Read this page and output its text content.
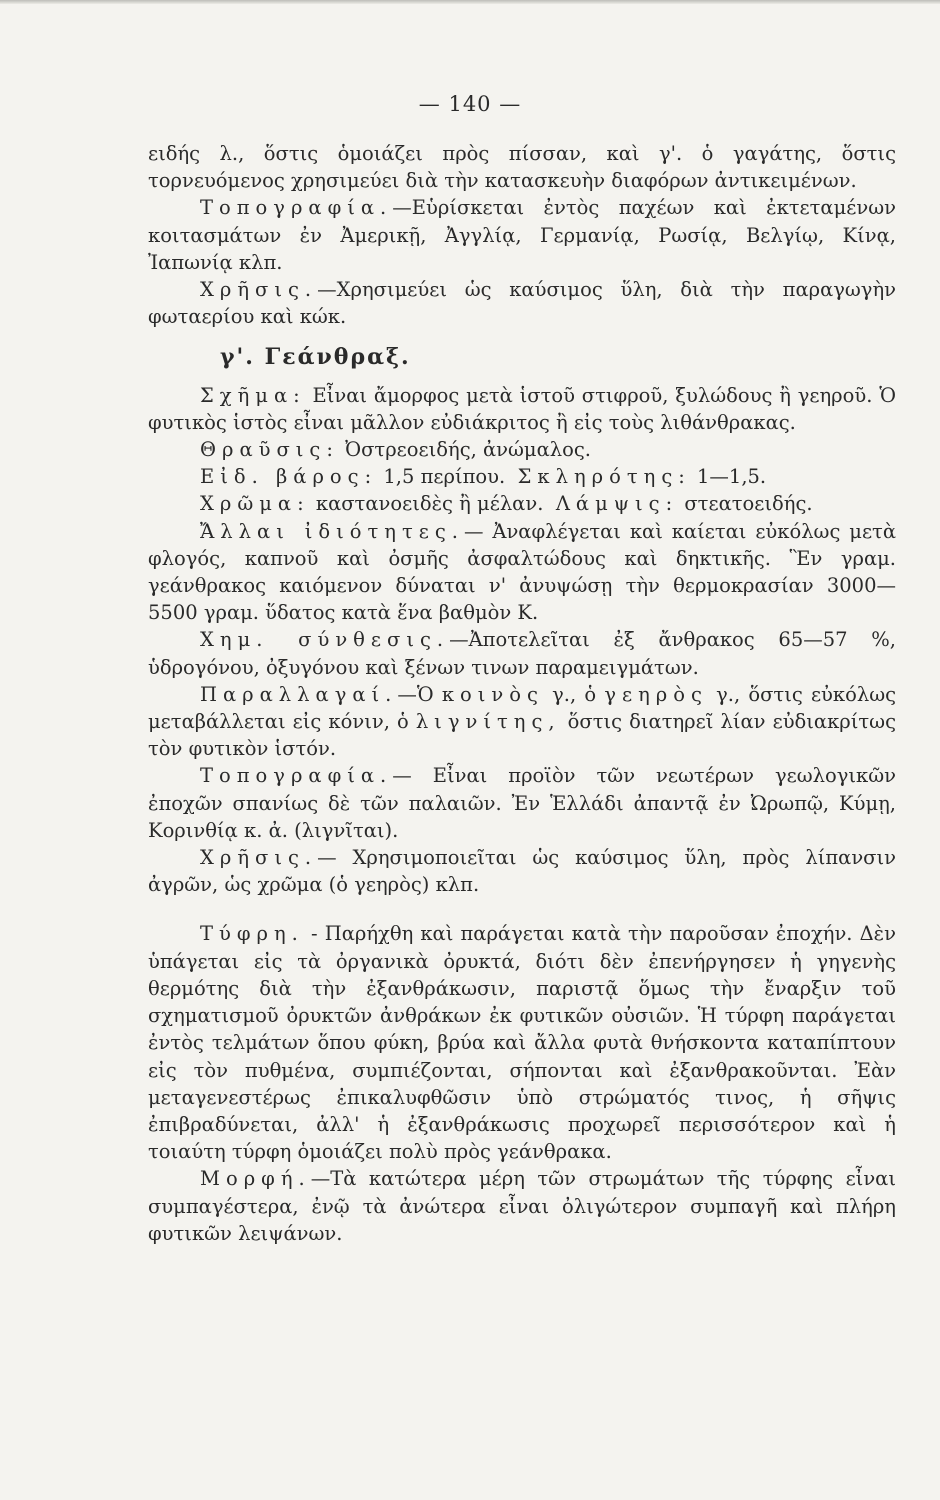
— 140 —

ειδής λ., ὅστις ὁμοιάζει πρὸς πίσσαν, καὶ γ'. ὁ γαγάτης, ὅστις τορνευόμενος χρησιμεύει διὰ τὴν κατασκευὴν διαφόρων ἀντικειμένων.

Τοπογραφία.—Εὑρίσκεται ἐντὸς παχέων καὶ ἐκτεταμένων κοιτασμάτων ἐν Ἀμερικῇ, Ἀγγλίᾳ, Γερμανίᾳ, Ρωσίᾳ, Βελγίῳ, Κίνᾳ, Ἰαπωνίᾳ κλπ.

Χρῆσις.—Χρησιμεύει ὡς καύσιμος ὕλη, διὰ τὴν παραγωγὴν φωταερίου καὶ κώκ.

γ'. Γεάνθραξ.

Σχῆμα: Εἶναι ἄμορφος μετὰ ἱστοῦ στιφροῦ, ξυλώδους ἢ γεηροῦ. Ὁ φυτικὸς ἱστὸς εἶναι μᾶλλον εὐδιάκριτος ἢ εἰς τοὺς λιθάνθρακας.

Θραῦσις: Ὀστρεοειδής, ἀνώμαλος.

Εἰδ. βάρος: 1,5 περίπου. Σκληρότης: 1—1,5.

Χρῶμα: καστανοειδὲς ἢ μέλαν. Λάμψις: στεατοειδής.

Ἄλλαι ἰδιότητες.— Ἀναφλέγεται καὶ καίεται εὐκόλως μετὰ φλογός, καπνοῦ καὶ ὀσμῆς ἀσφαλτώδους καὶ δηκτικῆς. Ἓν γραμ. γεάνθρακος καιόμενον δύναται ν' ἀνυψώσῃ τὴν θερμοκρασίαν 3000—5500 γραμ. ὕδατος κατὰ ἕνα βαθμὸν Κ.

Χημ. σύνθεσις.—Ἀποτελεῖται ἐξ ἄνθρακος 65—57 %, ὑδρογόνου, ὀξυγόνου καὶ ξένων τινων παραμειγμάτων.

Παραλλαγαί.—Ὁ κοινὸς γ., ὁ γεηρὸς γ., ὅστις εὐκόλως μεταβάλλεται εἰς κόνιν, ὁ λιγνίτης, ὅστις διατηρεῖ λίαν εὐδιακρίτως τὸν φυτικὸν ἱστόν.

Τοπογραφία.— Εἶναι προϊὸν τῶν νεωτέρων γεωλογικῶν ἐποχῶν σπανίως δὲ τῶν παλαιῶν. Ἐν Ἑλλάδι ἀπαντᾷ ἐν Ὠρωπῷ, Κύμῃ, Κορινθίᾳ κ. ἀ. (λιγνῖται).

Χρῆσις.— Χρησιμοποιεῖται ὡς καύσιμος ὕλη, πρὸς λίπανσιν ἀγρῶν, ὡς χρῶμα (ὁ γεηρὸς) κλπ.

Τύφρη. - Παρήχθη καὶ παράγεται κατὰ τὴν παροῦσαν ἐποχήν. Δὲν ὑπάγεται εἰς τὰ ὀργανικὰ ὀρυκτά, διότι δὲν ἐπενήργησεν ἡ γηγενὴς θερμότης διὰ τὴν ἐξανθράκωσιν, παριστᾷ ὅμως τὴν ἔναρξιν τοῦ σχηματισμοῦ ὀρυκτῶν ἀνθράκων ἐκ φυτικῶν οὐσιῶν. Ἡ τύρφη παράγεται ἐντὸς τελμάτων ὅπου φύκη, βρύα καὶ ἄλλα φυτὰ θνήσκοντα καταπίπτουν εἰς τὸν πυθμένα, συμπιέζονται, σήπονται καὶ ἐξανθρακοῦνται. Ἐὰν μεταγενεστέρως ἐπικαλυφθῶσιν ὑπὸ στρώματός τινος, ἡ σῆψις ἐπιβραδύνεται, ἀλλ' ἡ ἐξανθράκωσις προχωρεῖ περισσότερον καὶ ἡ τοιαύτη τύρφη ὁμοιάζει πολὺ πρὸς γεάνθρακα.

Μορφή.—Τὰ κατώτερα μέρη τῶν στρωμάτων τῆς τύρφης εἶναι συμπαγέστερα, ἐνῷ τὰ ἀνώτερα εἶναι ὀλιγώτερον συμπαγῆ καὶ πλήρη φυτικῶν λειψάνων.
